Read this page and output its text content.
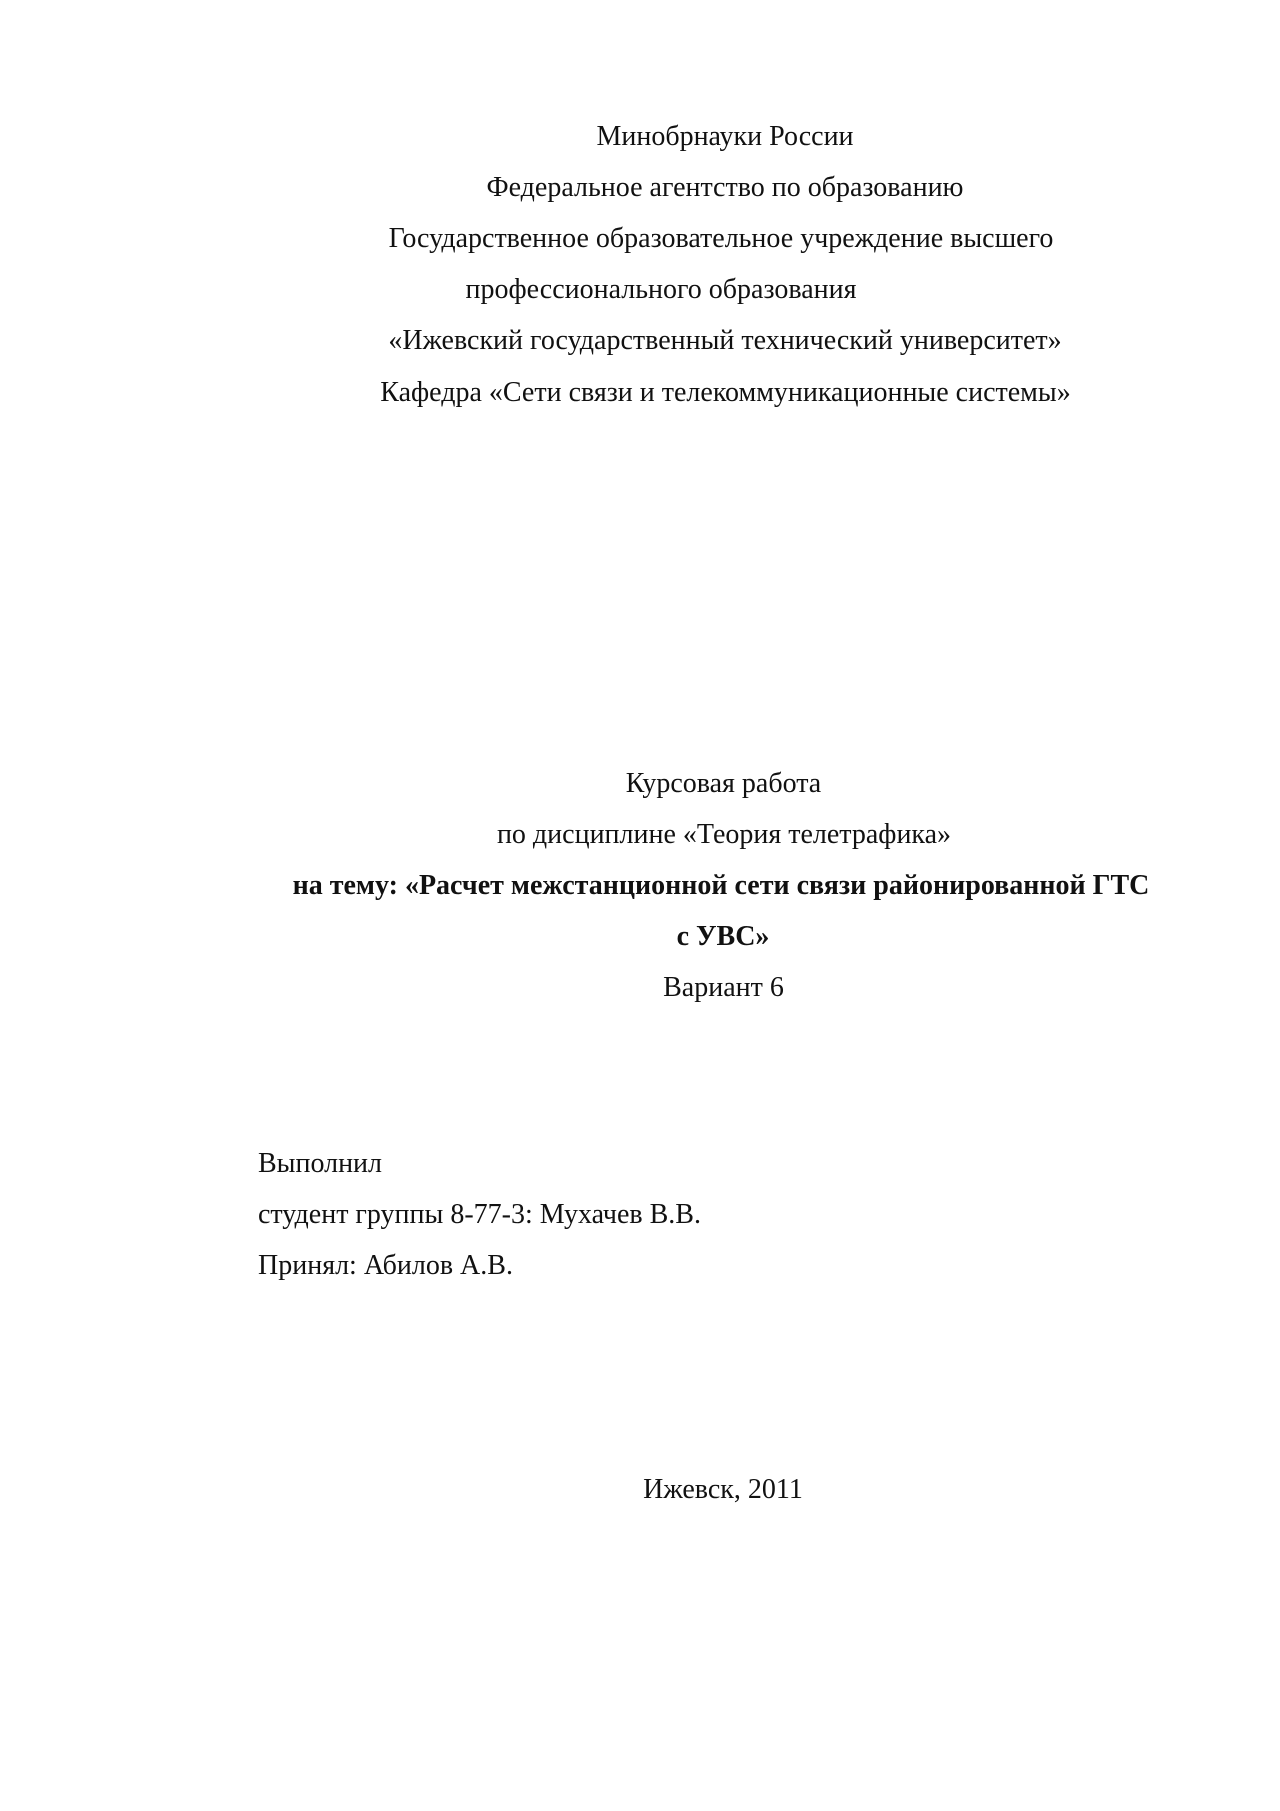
Минобрнауки России
Федеральное агентство по образованию
Государственное образовательное учреждение высшего
профессионального образования
«Ижевский государственный технический университет»
Кафедра «Сети связи и телекоммуникационные системы»
Курсовая работа
по дисциплине «Теория телетрафика»
на тему: «Расчет межстанционной сети связи районированной ГТС
с УВС»
Вариант 6
Выполнил
студент группы 8-77-3: Мухачев В.В.
Принял: Абилов А.В.
Ижевск, 2011
